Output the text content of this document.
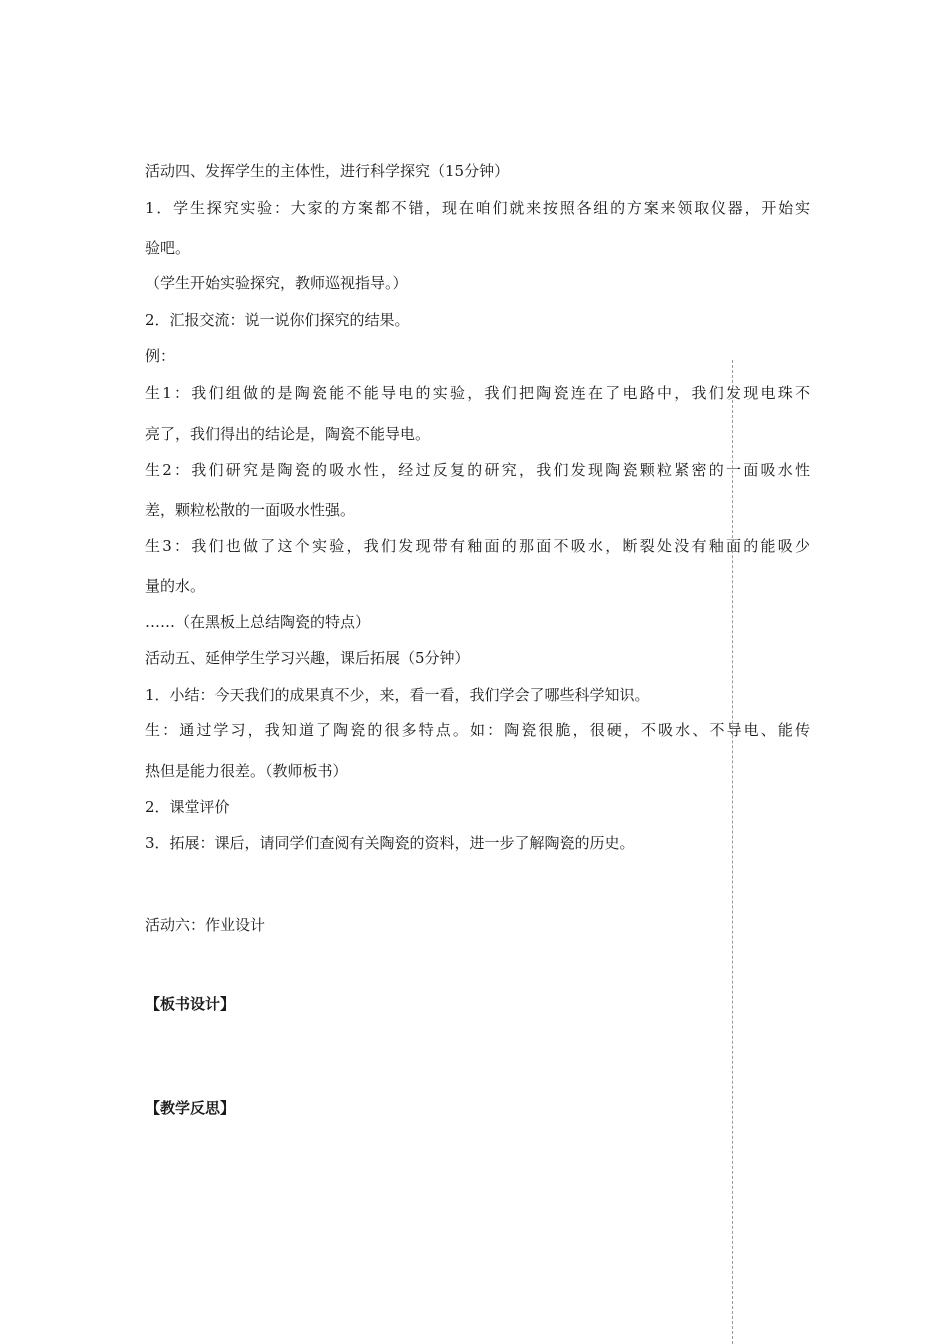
活动四、发挥学生的主体性，进行科学探究（15分钟）
1．学生探究实验：大家的方案都不错，现在咱们就来按照各组的方案来领取仪器，开始实
验吧。
（学生开始实验探究，教师巡视指导。）
2．汇报交流：说一说你们探究的结果。
例：
生1：我们组做的是陶瓷能不能导电的实验，我们把陶瓷连在了电路中，我们发现电珠不
亮了，我们得出的结论是，陶瓷不能导电。
生2：我们研究是陶瓷的吸水性，经过反复的研究，我们发现陶瓷颗粒紧密的一面吸水性
差，颗粒松散的一面吸水性强。
生3：我们也做了这个实验，我们发现带有釉面的那面不吸水，断裂处没有釉面的能吸少
量的水。
……（在黑板上总结陶瓷的特点）
活动五、延伸学生学习兴趣，课后拓展（5分钟）
1．小结：今天我们的成果真不少，来，看一看，我们学会了哪些科学知识。
生：通过学习，我知道了陶瓷的很多特点。如：陶瓷很脆，很硬，不吸水、不导电、能传
热但是能力很差。（教师板书）
2．课堂评价
3．拓展：课后，请同学们查阅有关陶瓷的资料，进一步了解陶瓷的历史。
活动六：作业设计
【板书设计】
【教学反思】
